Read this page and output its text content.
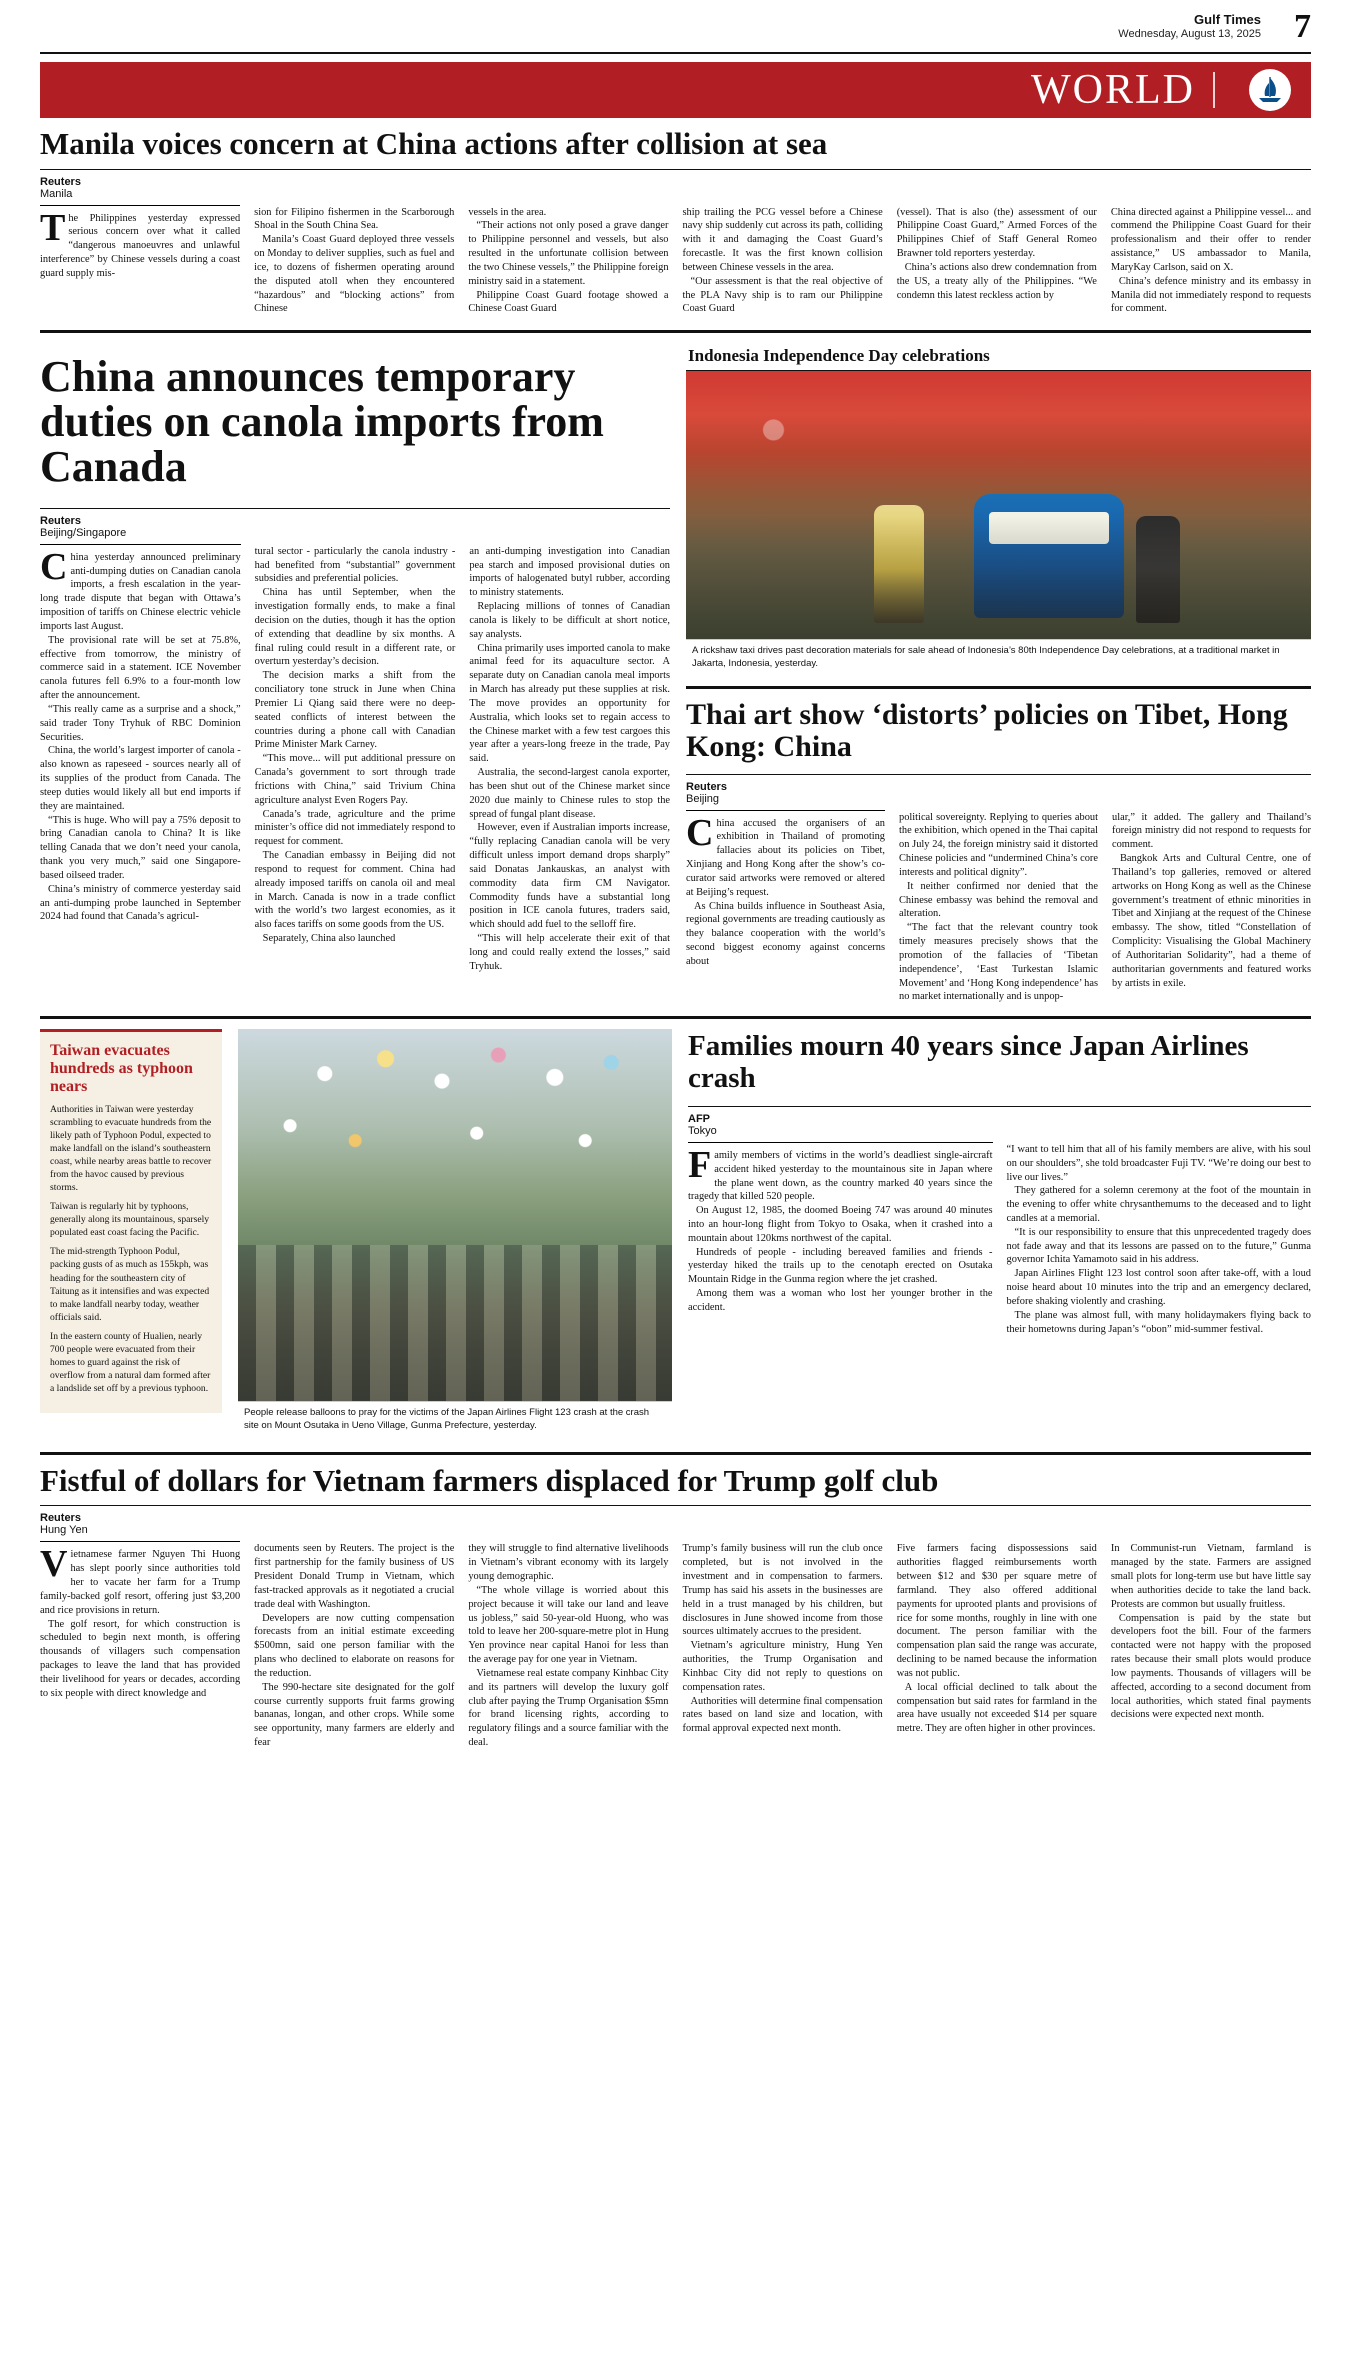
Gulf Times
Wednesday, August 13, 2025 7
WORLD
Manila voices concern at China actions after collision at sea
Reuters
Manila

The Philippines yesterday expressed serious concern over what it called “dangerous manoeuvres and unlawful interference” by Chinese vessels during a coast guard supply mis-

sion for Filipino fishermen in the Scarborough Shoal in the South China Sea.

Manila’s Coast Guard deployed three vessels on Monday to deliver supplies, such as fuel and ice, to dozens of fishermen operating around the disputed atoll when they encountered “hazardous” and “blocking actions” from Chinese

vessels in the area.

“Their actions not only posed a grave danger to Philippine personnel and vessels, but also resulted in the unfortunate collision between the two Chinese vessels,” the Philippine foreign ministry said in a statement.

Philippine Coast Guard footage showed a Chinese Coast Guard

ship trailing the PCG vessel before a Chinese navy ship suddenly cut across its path, colliding with it and damaging the Coast Guard’s forecastle. It was the first known collision between Chinese vessels in the area.

“Our assessment is that the real objective of the PLA Navy ship is to ram our Philippine Coast Guard

(vessel). That is also (the) assessment of our Philippine Coast Guard,” Armed Forces of the Philippines Chief of Staff General Romeo Brawner told reporters yesterday.

China’s actions also drew condemnation from the US, a treaty ally of the Philippines. “We condemn this latest reckless action by

China directed against a Philippine vessel... and commend the Philippine Coast Guard for their professionalism and their offer to render assistance,” US ambassador to Manila, MaryKay Carlson, said on X.

China’s defence ministry and its embassy in Manila did not immediately respond to requests for comment.

China announces temporary duties on canola imports from Canada
Reuters
Beijing/Singapore

China yesterday announced preliminary anti-dumping duties on Canadian canola imports, a fresh escalation in the year-long trade dispute that began with Ottawa’s imposition of tariffs on Chinese electric vehicle imports last August.

The provisional rate will be set at 75.8%, effective from tomorrow, the ministry of commerce said in a statement. ICE November canola futures fell 6.9% to a four-month low after the announcement.

“This really came as a surprise and a shock,” said trader Tony Tryhuk of RBC Dominion Securities.

China, the world’s largest importer of canola - also known as rapeseed - sources nearly all of its supplies of the product from Canada. The steep duties would likely all but end imports if they are maintained.

“This is huge. Who will pay a 75% deposit to bring Canadian canola to China? It is like telling Canada that we don’t need your canola, thank you very much,” said one Singapore-based oilseed trader.

China’s ministry of commerce yesterday said an anti-dumping probe launched in September 2024 had found that Canada’s agricul-

tural sector - particularly the canola industry - had benefited from “substantial” government subsidies and preferential policies.

China has until September, when the investigation formally ends, to make a final decision on the duties, though it has the option of extending that deadline by six months. A final ruling could result in a different rate, or overturn yesterday’s decision.

The decision marks a shift from the conciliatory tone struck in June when China Premier Li Qiang said there were no deep-seated conflicts of interest between the countries during a phone call with Canadian Prime Minister Mark Carney.

“This move... will put additional pressure on Canada’s government to sort through trade frictions with China,” said Trivium China agriculture analyst Even Rogers Pay.

Canada’s trade, agriculture and the prime minister’s office did not immediately respond to request for comment.

The Canadian embassy in Beijing did not respond to request for comment. China had already imposed tariffs on canola oil and meal in March. Canada is now in a trade conflict with the world’s two largest economies, as it also faces tariffs on some goods from the US.

Separately, China also launched

an anti-dumping investigation into Canadian pea starch and imposed provisional duties on imports of halogenated butyl rubber, according to ministry statements.

Replacing millions of tonnes of Canadian canola is likely to be difficult at short notice, say analysts.

China primarily uses imported canola to make animal feed for its aquaculture sector. A separate duty on Canadian canola meal imports in March has already put these supplies at risk. The move provides an opportunity for Australia, which looks set to regain access to the Chinese market with a few test cargoes this year after a years-long freeze in the trade, Pay said.

Australia, the second-largest canola exporter, has been shut out of the Chinese market since 2020 due mainly to Chinese rules to stop the spread of fungal plant disease.

However, even if Australian imports increase, “fully replacing Canadian canola will be very difficult unless import demand drops sharply” said Donatas Jankauskas, an analyst with commodity data firm CM Navigator. Commodity funds have a substantial long position in ICE canola futures, traders said, which should add fuel to the selloff fire.

“This will help accelerate their exit of that long and could really extend the losses,” said Tryhuk.

Indonesia Independence Day celebrations
A rickshaw taxi drives past decoration materials for sale ahead of Indonesia’s 80th Independence Day celebrations, at a traditional market in Jakarta, Indonesia, yesterday.
Thai art show ‘distorts’ policies on Tibet, Hong Kong: China
Reuters
Beijing

China accused the organisers of an exhibition in Thailand of promoting fallacies about its policies on Tibet, Xinjiang and Hong Kong after the show’s co-curator said artworks were removed or altered at Beijing’s request.

As China builds influence in Southeast Asia, regional governments are treading cautiously as they balance cooperation with the world’s second biggest economy against concerns about

political sovereignty. Replying to queries about the exhibition, which opened in the Thai capital on July 24, the foreign ministry said it distorted Chinese policies and “undermined China’s core interests and political dignity”.

It neither confirmed nor denied that the Chinese embassy was behind the removal and alteration.

“The fact that the relevant country took timely measures precisely shows that the promotion of the fallacies of ‘Tibetan independence’, ‘East Turkestan Islamic Movement’ and ‘Hong Kong independence’ has no market internationally and is unpop-

ular,” it added. The gallery and Thailand’s foreign ministry did not respond to requests for comment.

Bangkok Arts and Cultural Centre, one of Thailand’s top galleries, removed or altered artworks on Hong Kong as well as the Chinese government’s treatment of ethnic minorities in Tibet and Xinjiang at the request of the Chinese embassy. The show, titled “Constellation of Complicity: Visualising the Global Machinery of Authoritarian Solidarity”, had a theme of authoritarian governments and featured works by artists in exile.

Taiwan evacuates hundreds as typhoon nears

Authorities in Taiwan were yesterday scrambling to evacuate hundreds from the likely path of Typhoon Podul, expected to make landfall on the island’s southeastern coast, while nearby areas battle to recover from the havoc caused by previous storms.

Taiwan is regularly hit by typhoons, generally along its mountainous, sparsely populated east coast facing the Pacific.

The mid-strength Typhoon Podul, packing gusts of as much as 155kph, was heading for the southeastern city of Taitung as it intensifies and was expected to make landfall nearby today, weather officials said.

In the eastern county of Hualien, nearly 700 people were evacuated from their homes to guard against the risk of overflow from a natural dam formed after a landslide set off by a previous typhoon.

People release balloons to pray for the victims of the Japan Airlines Flight 123 crash at the crash site on Mount Osutaka in Ueno Village, Gunma Prefecture, yesterday.
Families mourn 40 years since Japan Airlines crash
AFP
Tokyo

Family members of victims in the world’s deadliest single-aircraft accident hiked yesterday to the mountainous site in Japan where the plane went down, as the country marked 40 years since the tragedy that killed 520 people.

On August 12, 1985, the doomed Boeing 747 was around 40 minutes into an hour-long flight from Tokyo to Osaka, when it crashed into a mountain about 120kms northwest of the capital.

Hundreds of people - including bereaved families and friends - yesterday hiked the trails up to the cenotaph erected on Osutaka Mountain Ridge in the Gunma region where the jet crashed.

Among them was a woman who lost her younger brother in the accident.

“I want to tell him that all of his family members are alive, with his soul on our shoulders”, she told broadcaster Fuji TV. “We’re doing our best to live our lives.”

They gathered for a solemn ceremony at the foot of the mountain in the evening to offer white chrysanthemums to the deceased and to light candles at a memorial.

“It is our responsibility to ensure that this unprecedented tragedy does not fade away and that its lessons are passed on to the future,” Gunma governor Ichita Yamamoto said in his address.

Japan Airlines Flight 123 lost control soon after take-off, with a loud noise heard about 10 minutes into the trip and an emergency declared, before shaking violently and crashing.

The plane was almost full, with many holidaymakers flying back to their hometowns during Japan’s “obon” mid-summer festival.

Fistful of dollars for Vietnam farmers displaced for Trump golf club
Reuters
Hung Yen

Vietnamese farmer Nguyen Thi Huong has slept poorly since authorities told her to vacate her farm for a Trump family-backed golf resort, offering just $3,200 and rice provisions in return.

The golf resort, for which construction is scheduled to begin next month, is offering thousands of villagers such compensation packages to leave the land that has provided their livelihood for years or decades, according to six people with direct knowledge and

documents seen by Reuters. The project is the first partnership for the family business of US President Donald Trump in Vietnam, which fast-tracked approvals as it negotiated a crucial trade deal with Washington.

Developers are now cutting compensation forecasts from an initial estimate exceeding $500mn, said one person familiar with the plans who declined to elaborate on reasons for the reduction.

The 990-hectare site designated for the golf course currently supports fruit farms growing bananas, longan, and other crops. While some see opportunity, many farmers are elderly and fear

they will struggle to find alternative livelihoods in Vietnam’s vibrant economy with its largely young demographic.

“The whole village is worried about this project because it will take our land and leave us jobless,” said 50-year-old Huong, who was told to leave her 200-square-metre plot in Hung Yen province near capital Hanoi for less than the average pay for one year in Vietnam.

Vietnamese real estate company Kinhbac City and its partners will develop the luxury golf club after paying the Trump Organisation $5mn for brand licensing rights, according to regulatory filings and a source familiar with the deal.

Trump’s family business will run the club once completed, but is not involved in the investment and in compensation to farmers. Trump has said his assets in the businesses are held in a trust managed by his children, but disclosures in June showed income from those sources ultimately accrues to the president.

Vietnam’s agriculture ministry, Hung Yen authorities, the Trump Organisation and Kinhbac City did not reply to questions on compensation rates.

Authorities will determine final compensation rates based on land size and location, with formal approval expected next month.

Five farmers facing dispossessions said authorities flagged reimbursements worth between $12 and $30 per square metre of farmland. They also offered additional payments for uprooted plants and provisions of rice for some months, roughly in line with one document. The person familiar with the compensation plan said the range was accurate, declining to be named because the information was not public.

A local official declined to talk about the compensation but said rates for farmland in the area have usually not exceeded $14 per square metre. They are often higher in other provinces.

In Communist-run Vietnam, farmland is managed by the state. Farmers are assigned small plots for long-term use but have little say when authorities decide to take the land back. Protests are common but usually fruitless.

Compensation is paid by the state but developers foot the bill. Four of the farmers contacted were not happy with the proposed rates because their small plots would produce low payments. Thousands of villagers will be affected, according to a second document from local authorities, which stated final payments decisions were expected next month.
